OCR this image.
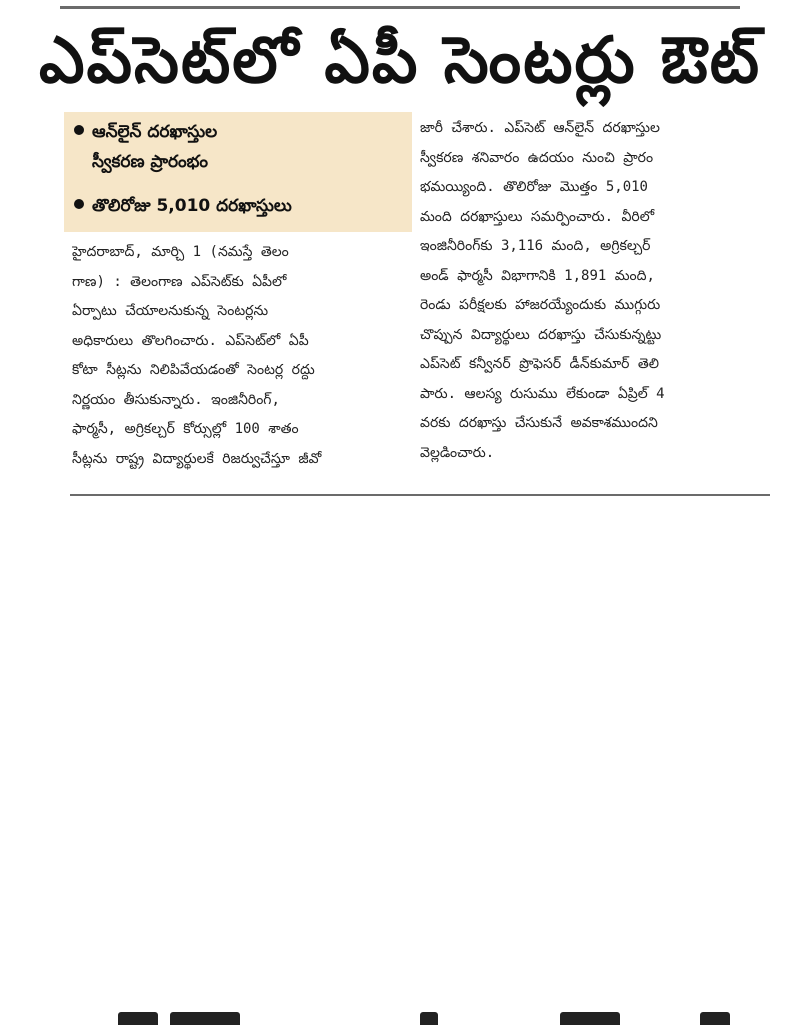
ఎప్‌సెట్‌లో ఏపీ సెంటర్లు ఔట్
ఆన్‌లైన్ దరఖాస్తుల
స్వీకరణ ప్రారంభం
తొలిరోజు 5,010 దరఖాస్తులు
హైదరాబాద్, మార్చి 1 (నమస్తే తెలం
గాణ) : తెలంగాణ ఎప్‌సెట్‌కు ఏపీలో
ఏర్పాటు చేయాలనుకున్న సెంటర్లను
అధికారులు తొలగించారు. ఎప్‌సెట్‌లో ఏపీ
కోటా సీట్లను నిలిపివేయడంతో సెంటర్ల రద్దు
నిర్ణయం తీసుకున్నారు. ఇంజినీరింగ్,
ఫార్మసీ, అగ్రికల్చర్ కోర్సుల్లో 100 శాతం
సీట్లను రాష్ట్ర విద్యార్థులకే రిజర్వుచేస్తూ జీవో
జారీ చేశారు. ఎప్‌సెట్ ఆన్‌లైన్ దరఖాస్తుల
స్వీకరణ శనివారం ఉదయం నుంచి ప్రారం
భమయ్యింది. తొలిరోజు మొత్తం 5,010
మంది దరఖాస్తులు సమర్పించారు. వీరిలో
ఇంజినీరింగ్‌కు 3,116 మంది, అగ్రికల్చర్
అండ్ ఫార్మసీ విభాగానికి 1,891 మంది,
రెండు పరీక్షలకు హాజరయ్యేందుకు ముగ్గురు
చొప్పున విద్యార్థులు దరఖాస్తు చేసుకున్నట్టు
ఎప్‌సెట్ కన్వీనర్ ప్రొఫెసర్ డీన్‌కుమార్ తెలి
పారు. ఆలస్య రుసుము లేకుండా ఏప్రిల్ 4
వరకు దరఖాస్తు చేసుకునే అవకాశముందని
వెల్లడించారు.
